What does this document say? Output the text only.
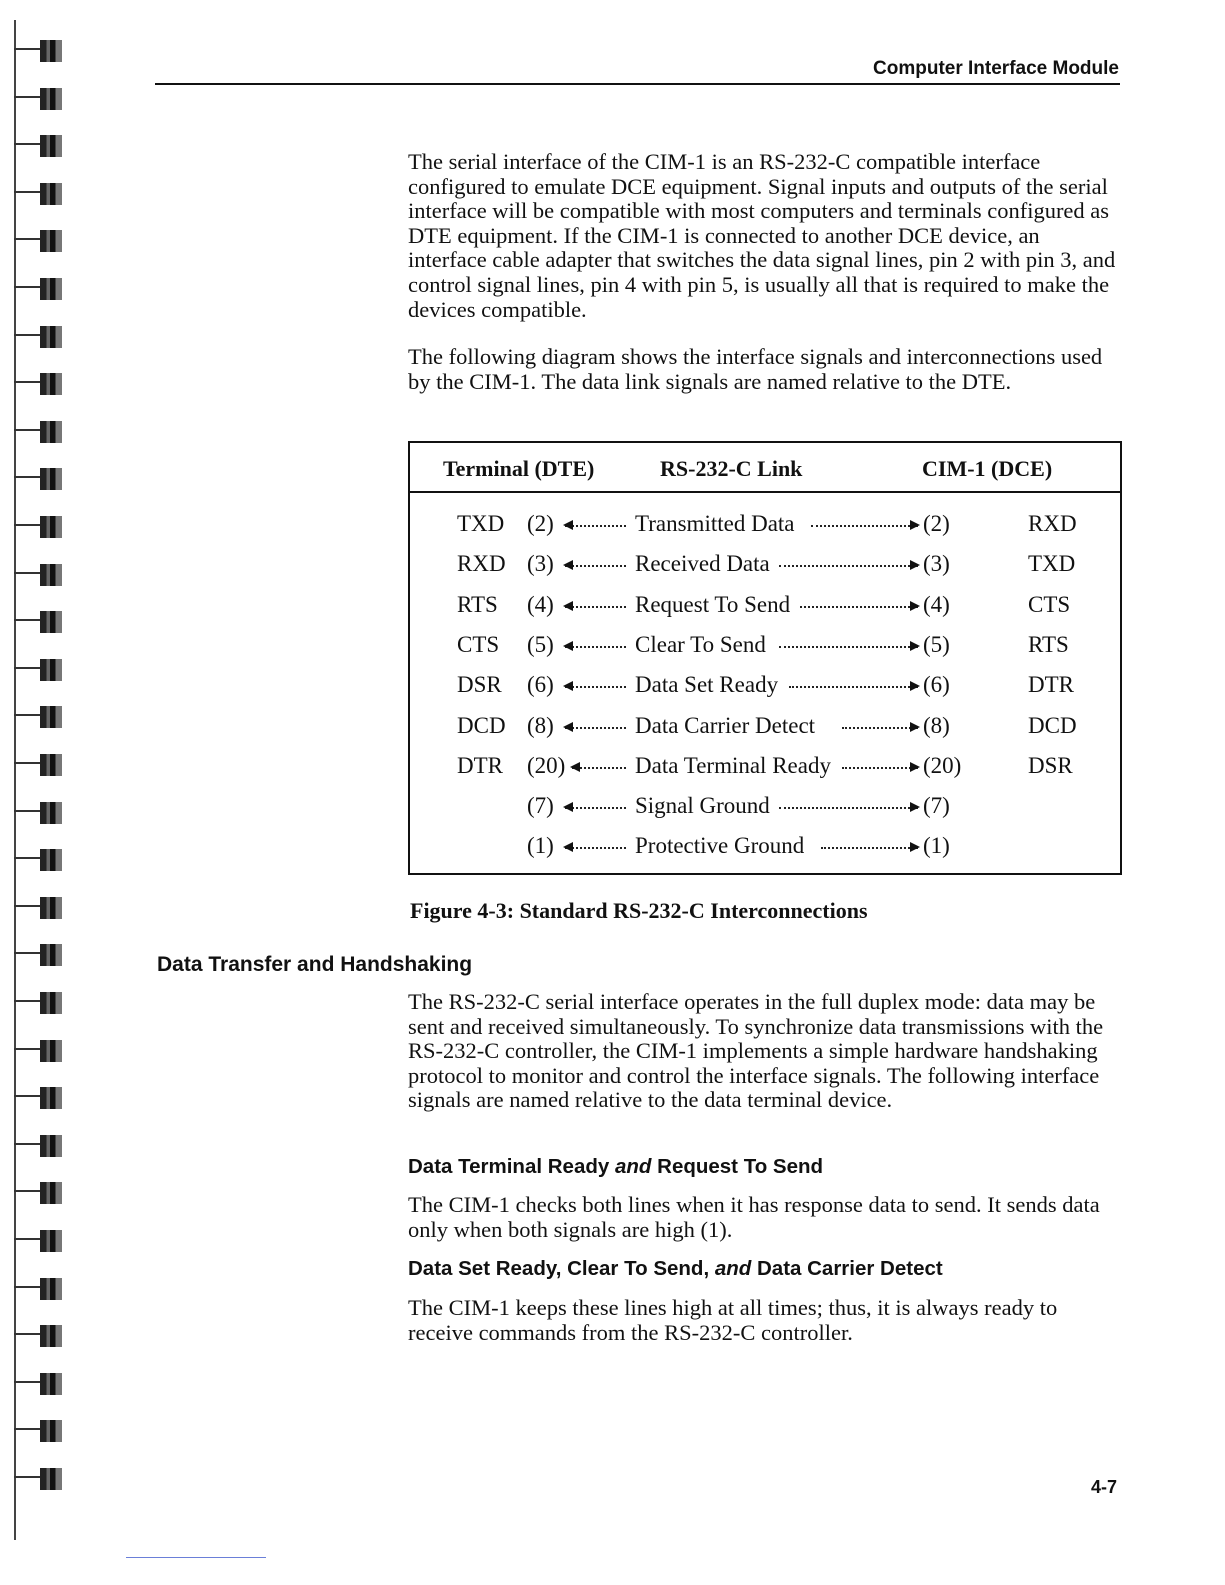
Computer Interface Module

The serial interface of the CIM-1 is an RS-232-C compatible interface configured to emulate DCE equipment. Signal inputs and outputs of the serial interface will be compatible with most computers and terminals configured as DTE equipment. If the CIM-1 is connected to another DCE device, an interface cable adapter that switches the data signal lines, pin 2 with pin 3, and control signal lines, pin 4 with pin 5, is usually all that is required to make the devices compatible.

The following diagram shows the interface signals and interconnections used by the CIM-1. The data link signals are named relative to the DTE.

Terminal (DTE)	RS-232-C Link	CIM-1 (DCE)
TXD (2)	Transmitted Data	(2)	RXD
RXD (3)	Received Data	(3)	TXD
RTS (4)	Request To Send	(4)	CTS
CTS (5)	Clear To Send	(5)	RTS
DSR (6)	Data Set Ready	(6)	DTR
DCD (8)	Data Carrier Detect	(8)	DCD
DTR (20)	Data Terminal Ready	(20)	DSR
(7)	Signal Ground	(7)
(1)	Protective Ground	(1)
Figure 4-3: Standard RS-232-C Interconnections
Data Transfer and Handshaking

The RS-232-C serial interface operates in the full duplex mode: data may be sent and received simultaneously. To synchronize data transmissions with the RS-232-C controller, the CIM-1 implements a simple hardware handshaking protocol to monitor and control the interface signals. The following interface signals are named relative to the data terminal device.

Data Terminal Ready and Request To Send

The CIM-1 checks both lines when it has response data to send. It sends data only when both signals are high (1).

Data Set Ready, Clear To Send, and Data Carrier Detect

The CIM-1 keeps these lines high at all times; thus, it is always ready to receive commands from the RS-232-C controller.

4-7
